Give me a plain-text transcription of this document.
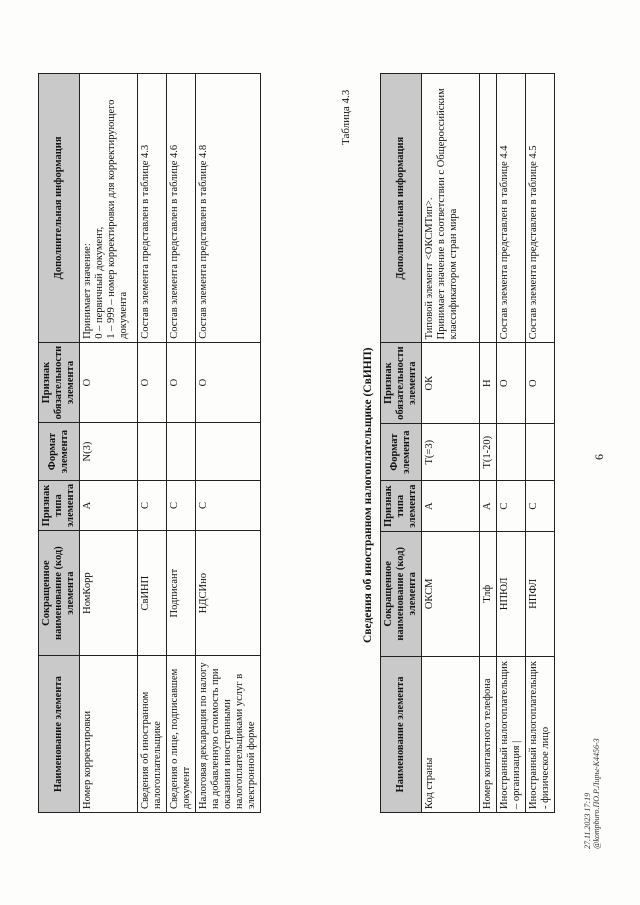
6
Наименование элемента	Сокращенное наименование (код) элемента	Признак типа элемента	Формат элемента	Признак обязательности элемента	Дополнительная информация
Номер корректировки	НомКорр	А	N(3)	О	Принимает значение:
0 – первичный документ,
1 – 999 – номер корректировки для корректирующего документа
Сведения об иностранном налогоплательщике	СвИНП	С		О	Состав элемента представлен в таблице 4.3
Сведения о лице, подписавшем документ	Подписант	С		О	Состав элемента представлен в таблице 4.6
Налоговая декларация по налогу на добавленную стоимость при оказании иностранными налогоплательщиками услуг в электронной форме	НДСИно	С		О	Состав элемента представлен в таблице 4.8
Таблица 4.3
Сведения об иностранном налогоплательщике (СвИНП)
Наименование элемента	Сокращенное наименование (код) элемента	Признак типа элемента	Формат элемента	Признак обязательности элемента	Дополнительная информация
Код страны	ОКСМ	А	T(=3)	ОК	Типовой элемент <ОКСМТип>.
Принимает значение в соответствии с Общероссийским классификатором стран мира
Номер контактного телефона	Тлф	А	T(1-20)	Н	
Иностранный налогоплательщик – организация |	НПЮЛ	С		О	Состав элемента представлен в таблице 4.4
Иностранный налогоплательщик - физическое лицо	НПФЛ	С		О	Состав элемента представлен в таблице 4.5
27.11.2023 17:19 @kompburo.ПО.Р.Лиры-К4456-3
